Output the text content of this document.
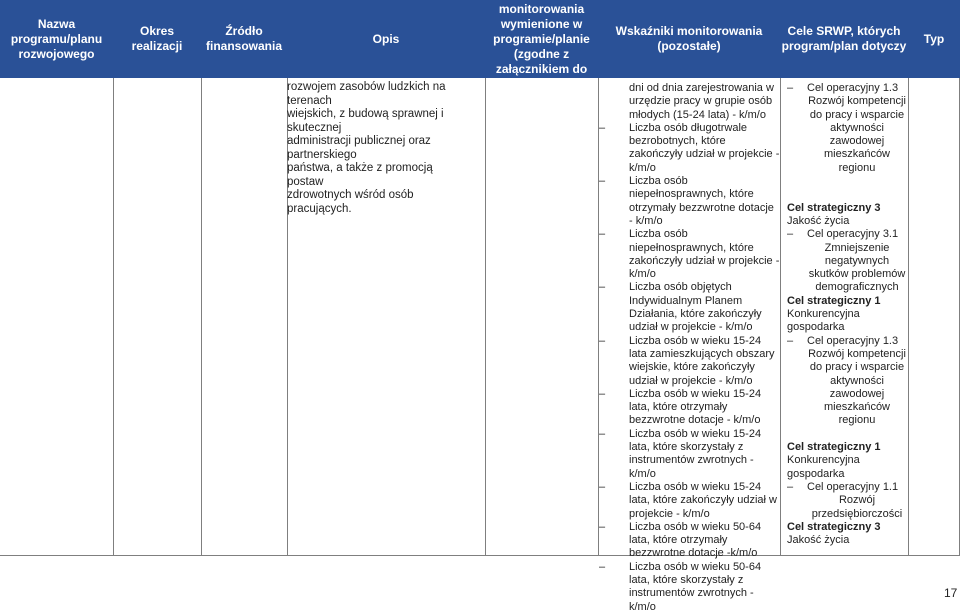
Nazwa programu/planu rozwojowego
Okres realizacji
Źródło finansowania
Opis
monitorowania wymienione w programie/planie (zgodne z załącznikiem do SRWP)
Wskaźniki monitorowania (pozostałe)
Cele SRWP, których program/plan dotyczy
Typ
rozwojem zasobów ludzkich na terenach
wiejskich, z budową sprawnej i skutecznej
administracji publicznej oraz partnerskiego
państwa, a także z promocją postaw
zdrowotnych wśród osób pracujących.
dni od dnia zarejestrowania w urzędzie pracy w grupie osób młodych (15-24 lata) - k/m/o
– Liczba osób długotrwale bezrobotnych, które zakończyły udział w projekcie - k/m/o
– Liczba osób niepełnosprawnych, które otrzymały bezzwrotne dotacje - k/m/o
– Liczba osób niepełnosprawnych, które zakończyły udział w projekcie - k/m/o
– Liczba osób objętych Indywidualnym Planem Działania, które zakończyły udział w projekcie - k/m/o
– Liczba osób w wieku 15-24 lata zamieszkujących obszary wiejskie, które zakończyły udział w projekcie - k/m/o
– Liczba osób w wieku 15-24 lata, które otrzymały bezzwrotne dotacje - k/m/o
– Liczba osób w wieku 15-24 lata, które skorzystały z instrumentów zwrotnych - k/m/o
– Liczba osób w wieku 15-24 lata, które zakończyły udział w projekcie - k/m/o
– Liczba osób w wieku 50-64 lata, które otrzymały bezzwrotne dotacje -k/m/o
– Liczba osób w wieku 50-64 lata, które skorzystały z instrumentów zwrotnych - k/m/o
– Cel operacyjny 1.3
Rozwój kompetencji do pracy i wsparcie aktywności zawodowej mieszkańców regionu
Cel strategiczny 3
Jakość życia
– Cel operacyjny 3.1
Zmniejszenie negatywnych skutków problemów demograficznych
Cel strategiczny 1
Konkurencyjna gospodarka
– Cel operacyjny 1.3
Rozwój kompetencji do pracy i wsparcie aktywności zawodowej mieszkańców regionu
Cel strategiczny 1
Konkurencyjna gospodarka
– Cel operacyjny 1.1
Rozwój przedsiębiorczości
Cel strategiczny 3
Jakość życia
17
